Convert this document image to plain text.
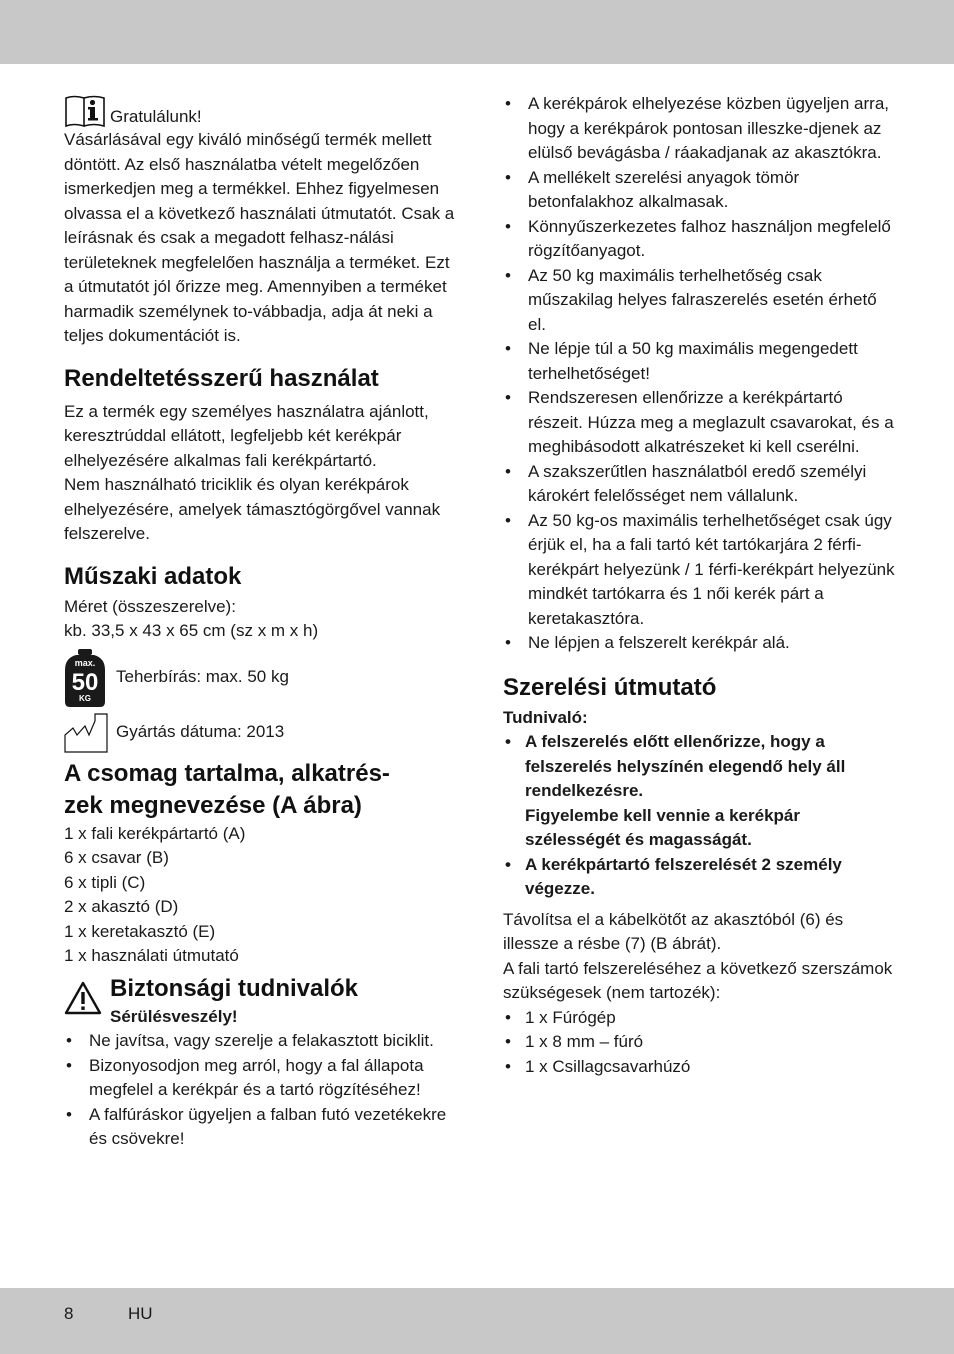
Gratulálunk!

Vásárlásával egy kiváló minőségű termék mellett döntött. Az első használatba vételt megelőzően ismerkedjen meg a termékkel. Ehhez figyelmesen olvassa el a következő használati útmutatót. Csak a leírásnak és csak a megadott felhasz-nálási területeknek megfelelően használja a terméket. Ezt a útmutatót jól őrizze meg. Amennyiben a terméket harmadik személynek to-vábbadja, adja át neki a teljes dokumentációt is.

Rendeltetésszerű használat

Ez a termék egy személyes használatra ajánlott, keresztrúddal ellátott, legfeljebb két kerékpár elhelyezésére alkalmas fali kerékpártartó.

Nem használható triciklik és olyan kerékpárok elhelyezésére, amelyek támasztógörgővel vannak felszerelve.

Műszaki adatok

Méret (összeszerelve):

kb. 33,5 x 43 x 65 cm (sz x m x h)

max.
50
KG
Teherbírás: max. 50 kg
Gyártás dátuma: 2013
A csomag tartalma, alkatrés-
zek megnevezése (A ábra)

1 x fali kerékpártartó (A)

6 x csavar (B)

6 x tipli (C)

2 x akasztó (D)

1 x keretakasztó (E)

1 x használati útmutató

Biztonsági tudnivalók

Sérülésveszély!

• Ne javítsa, vagy szerelje a felakasztott biciklit.
• Bizonyosodjon meg arról, hogy a fal állapota megfelel a kerékpár és a tartó rögzítéséhez!
• A falfúráskor ügyeljen a falban futó vezetékekre és csövekre!
• A kerékpárok elhelyezése közben ügyeljen arra, hogy a kerékpárok pontosan illeszke-djenek az elülső bevágásba / ráakadjanak az akasztókra.
• A mellékelt szerelési anyagok tömör betonfalakhoz alkalmasak.
• Könnyűszerkezetes falhoz használjon megfelelő rögzítőanyagot.
• Az 50 kg maximális terhelhetőség csak műszakilag helyes falraszerelés esetén érhető el.
• Ne lépje túl a 50 kg maximális megengedett terhelhetőséget!
• Rendszeresen ellenőrizze a kerékpártartó részeit. Húzza meg a meglazult csavarokat, és a meghibásodott alkatrészeket ki kell cserélni.
• A szakszerűtlen használatból eredő személyi károkért felelősséget nem vállalunk.
• Az 50 kg-os maximális terhelhetőséget csak úgy érjük el, ha a fali tartó két tartókarjára 2 férfi-kerékpárt helyezünk / 1 férfi-kerékpárt helyezünk mindkét tartókarra és 1 női kerék párt a keretakasztóra.
• Ne lépjen a felszerelt kerékpár alá.
Szerelési útmutató

Tudnivaló:

• A felszerelés előtt ellenőrizze, hogy a felszerelés helyszínén elegendő hely áll rendelkezésre.
Figyelembe kell vennie a kerékpár szélességét és magasságát.
• A kerékpártartó felszerelését 2 személy végezze.

Távolítsa el a kábelkötőt az akasztóból (6) és illessze a résbe (7) (B ábrát).

A fali tartó felszereléséhez a következő szerszámok szükségesek (nem tartozék):

• 1 x Fúrógép
• 1 x 8 mm – fúró
• 1 x Csillagcsavarhúzó
8	HU
